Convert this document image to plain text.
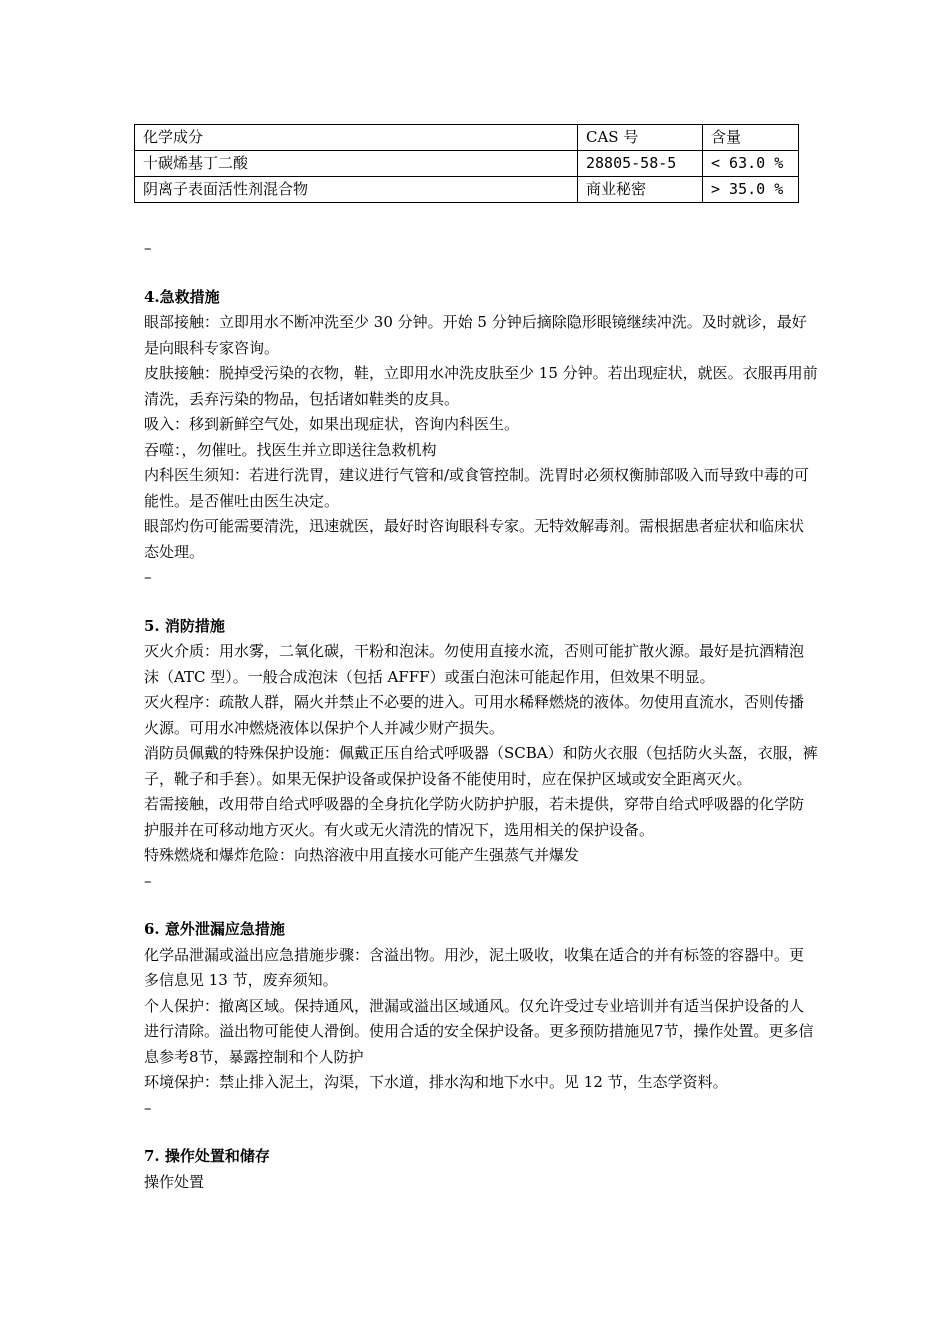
化学成分	CAS 号	含量
十碳烯基丁二酸	28805-58-5	< 63.0 %
阴离子表面活性剂混合物	商业秘密	> 35.0 %
–
4.急救措施

眼部接触：立即用水不断冲洗至少 30 分钟。开始 5 分钟后摘除隐形眼镜继续冲洗。及时就诊，最好是向眼科专家咨询。

皮肤接触：脱掉受污染的衣物，鞋，立即用水冲洗皮肤至少 15 分钟。若出现症状，就医。衣服再用前清洗，丢弃污染的物品，包括诸如鞋类的皮具。

吸入：移到新鲜空气处，如果出现症状，咨询内科医生。

吞噬：，勿催吐。找医生并立即送往急救机构

内科医生须知：若进行洗胃，建议进行气管和/或食管控制。洗胃时必须权衡肺部吸入而导致中毒的可能性。是否催吐由医生决定。

眼部灼伤可能需要清洗，迅速就医，最好时咨询眼科专家。无特效解毒剂。需根据患者症状和临床状态处理。

–
5. 消防措施

灭火介质：用水雾，二氧化碳，干粉和泡沫。勿使用直接水流，否则可能扩散火源。最好是抗酒精泡沫（ATC 型）。一般合成泡沫（包括 AFFF）或蛋白泡沫可能起作用，但效果不明显。

灭火程序：疏散人群，隔火并禁止不必要的进入。可用水稀释燃烧的液体。勿使用直流水，否则传播火源。可用水冲燃烧液体以保护个人并减少财产损失。

消防员佩戴的特殊保护设施：佩戴正压自给式呼吸器（SCBA）和防火衣服（包括防火头盔，衣服，裤子，靴子和手套）。如果无保护设备或保护设备不能使用时，应在保护区域或安全距离灭火。

若需接触，改用带自给式呼吸器的全身抗化学防火防护护服，若未提供，穿带自给式呼吸器的化学防护服并在可移动地方灭火。有火或无火清洗的情况下，选用相关的保护设备。

特殊燃烧和爆炸危险：向热溶液中用直接水可能产生强蒸气并爆发

–
6. 意外泄漏应急措施

化学品泄漏或溢出应急措施步骤：含溢出物。用沙，泥土吸收，收集在适合的并有标签的容器中。更多信息见 13 节，废弃须知。

个人保护：撤离区域。保持通风，泄漏或溢出区域通风。仅允许受过专业培训并有适当保护设备的人进行清除。溢出物可能使人滑倒。使用合适的安全保护设备。更多预防措施见7节，操作处置。更多信息参考8节，暴露控制和个人防护

环境保护：禁止排入泥土，沟渠，下水道，排水沟和地下水中。见 12 节，生态学资料。

–
7. 操作处置和储存

操作处置
